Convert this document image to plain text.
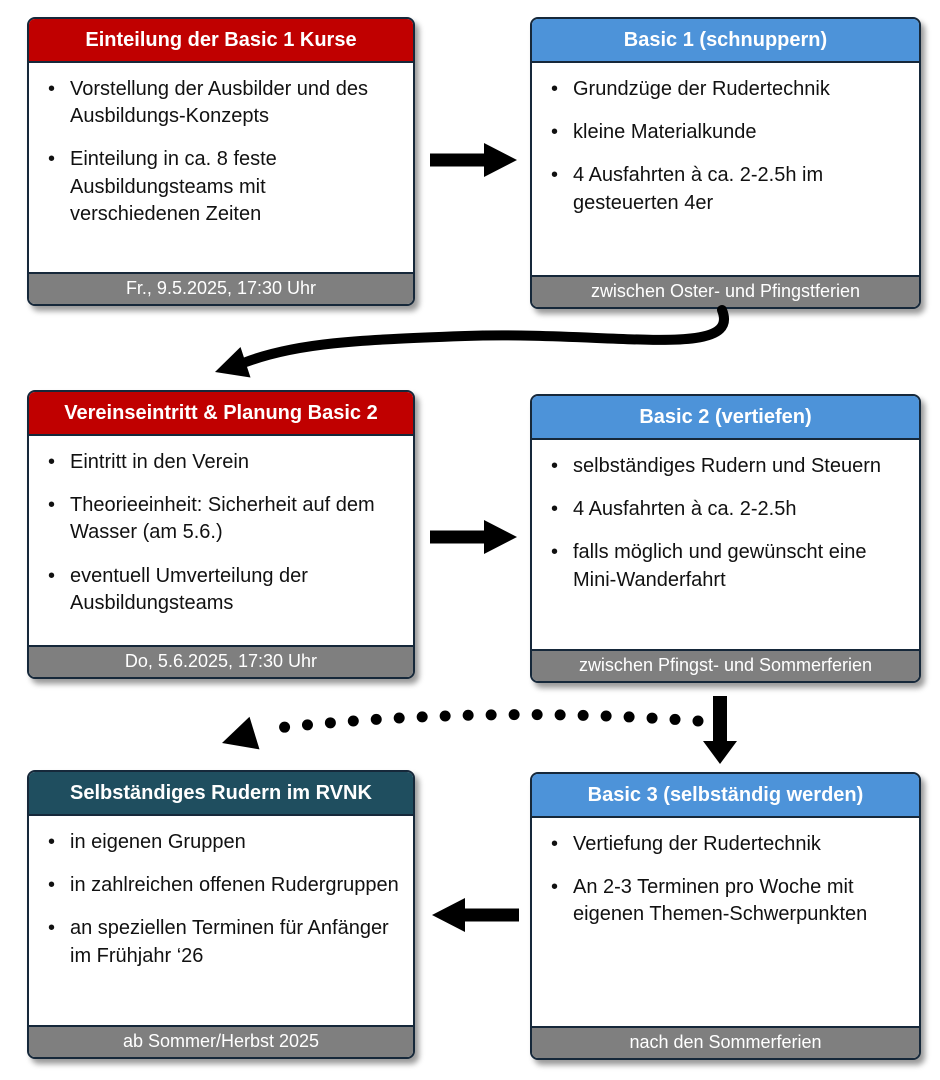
Einteilung der Basic 1 Kurse
• Vorstellung der Ausbilder und des Ausbildungs-Konzepts
• Einteilung in ca. 8 feste Ausbildungsteams mit verschiedenen Zeiten
Fr., 9.5.2025, 17:30 Uhr
Basic 1 (schnuppern)
• Grundzüge der Rudertechnik
• kleine Materialkunde
• 4 Ausfahrten à ca. 2-2.5h im gesteuerten 4er
zwischen Oster- und Pfingstferien
Vereinseintritt & Planung Basic 2
• Eintritt in den Verein
• Theorieeinheit: Sicherheit auf dem Wasser (am 5.6.)
• eventuell Umverteilung der Ausbildungsteams
Do, 5.6.2025, 17:30 Uhr
Basic 2 (vertiefen)
• selbständiges Rudern und Steuern
• 4 Ausfahrten à ca. 2-2.5h
• falls möglich und gewünscht eine Mini-Wanderfahrt
zwischen Pfingst- und Sommerferien
Selbständiges Rudern im RVNK
• in eigenen Gruppen
• in zahlreichen offenen Rudergruppen
• an speziellen Terminen für Anfänger im Frühjahr ‘26
ab Sommer/Herbst 2025
Basic 3 (selbständig werden)
• Vertiefung der Rudertechnik
• An 2-3 Terminen pro Woche mit eigenen Themen-Schwerpunkten
nach den Sommerferien
